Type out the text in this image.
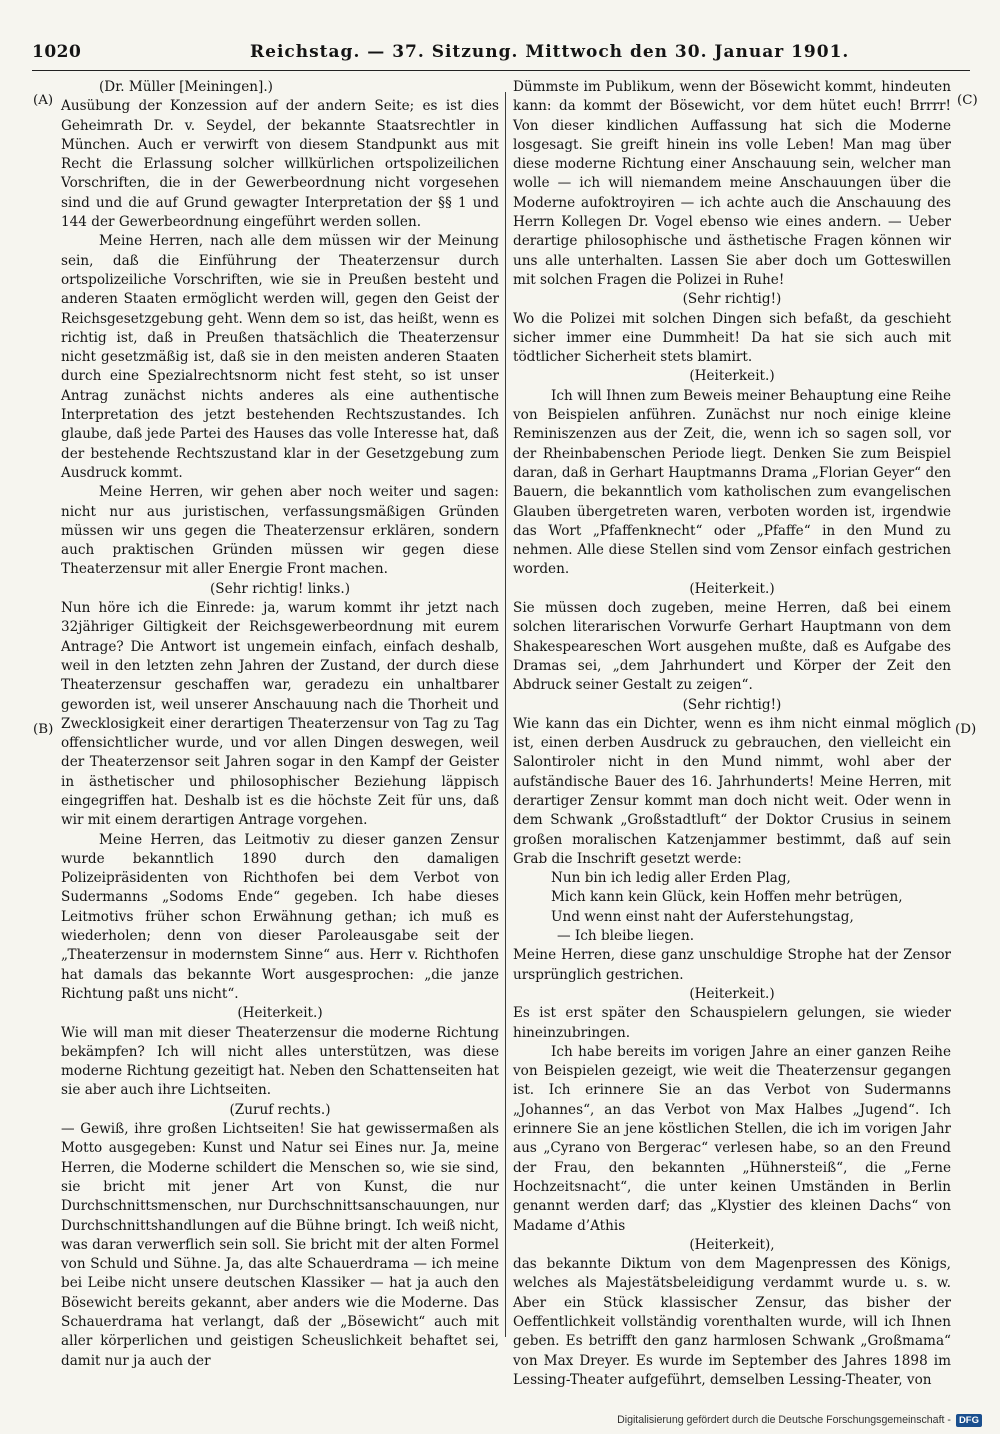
1020	Reichstag. — 37. Sitzung. Mittwoch den 30. Januar 1901.
(A)
(B)
(C)
(D)

(Dr. Müller [Meiningen].)

Ausübung der Konzession auf der andern Seite; es ist dies Geheimrath Dr. v. Seydel, der bekannte Staatsrechtler in München. Auch er verwirft von diesem Standpunkt aus mit Recht die Erlassung solcher willkürlichen ortspolizeilichen Vorschriften, die in der Gewerbeordnung nicht vorgesehen sind und die auf Grund gewagter Interpretation der §§ 1 und 144 der Gewerbeordnung eingeführt werden sollen.

Meine Herren, nach alle dem müssen wir der Meinung sein, daß die Einführung der Theaterzensur durch ortspolizeiliche Vorschriften, wie sie in Preußen besteht und anderen Staaten ermöglicht werden will, gegen den Geist der Reichsgesetzgebung geht. Wenn dem so ist, das heißt, wenn es richtig ist, daß in Preußen thatsächlich die Theaterzensur nicht gesetzmäßig ist, daß sie in den meisten anderen Staaten durch eine Spezialrechtsnorm nicht fest steht, so ist unser Antrag zunächst nichts anderes als eine authentische Interpretation des jetzt bestehenden Rechtszustandes. Ich glaube, daß jede Partei des Hauses das volle Interesse hat, daß der bestehende Rechtszustand klar in der Gesetzgebung zum Ausdruck kommt.

Meine Herren, wir gehen aber noch weiter und sagen: nicht nur aus juristischen, verfassungsmäßigen Gründen müssen wir uns gegen die Theaterzensur erklären, sondern auch praktischen Gründen müssen wir gegen diese Theaterzensur mit aller Energie Front machen.

(Sehr richtig! links.)

Nun höre ich die Einrede: ja, warum kommt ihr jetzt nach 32jähriger Giltigkeit der Reichsgewerbeordnung mit eurem Antrage? Die Antwort ist ungemein einfach, einfach deshalb, weil in den letzten zehn Jahren der Zustand, der durch diese Theaterzensur geschaffen war, geradezu ein unhaltbarer geworden ist, weil unserer Anschauung nach die Thorheit und Zwecklosigkeit einer derartigen Theaterzensur von Tag zu Tag offensichtlicher wurde, und vor allen Dingen deswegen, weil der Theaterzensor seit Jahren sogar in den Kampf der Geister in ästhetischer und philosophischer Beziehung läppisch eingegriffen hat. Deshalb ist es die höchste Zeit für uns, daß wir mit einem derartigen Antrage vorgehen.

Meine Herren, das Leitmotiv zu dieser ganzen Zensur wurde bekanntlich 1890 durch den damaligen Polizeipräsidenten von Richthofen bei dem Verbot von Sudermanns „Sodoms Ende“ gegeben. Ich habe dieses Leitmotivs früher schon Erwähnung gethan; ich muß es wiederholen; denn von dieser Paroleausgabe seit der „Theaterzensur in modernstem Sinne“ aus. Herr v. Richthofen hat damals das bekannte Wort ausgesprochen: „die janze Richtung paßt uns nicht“.

(Heiterkeit.)

Wie will man mit dieser Theaterzensur die moderne Richtung bekämpfen? Ich will nicht alles unterstützen, was diese moderne Richtung gezeitigt hat. Neben den Schattenseiten hat sie aber auch ihre Lichtseiten.

(Zuruf rechts.)

— Gewiß, ihre großen Lichtseiten! Sie hat gewissermaßen als Motto ausgegeben: Kunst und Natur sei Eines nur. Ja, meine Herren, die Moderne schildert die Menschen so, wie sie sind, sie bricht mit jener Art von Kunst, die nur Durchschnittsmenschen, nur Durchschnittsanschauungen, nur Durchschnittshandlungen auf die Bühne bringt. Ich weiß nicht, was daran verwerflich sein soll. Sie bricht mit der alten Formel von Schuld und Sühne. Ja, das alte Schauerdrama — ich meine bei Leibe nicht unsere deutschen Klassiker — hat ja auch den Bösewicht bereits gekannt, aber anders wie die Moderne. Das Schauerdrama hat verlangt, daß der „Bösewicht“ auch mit aller körperlichen und geistigen Scheuslichkeit behaftet sei, damit nur ja auch der

Dümmste im Publikum, wenn der Bösewicht kommt, hindeuten kann: da kommt der Bösewicht, vor dem hütet euch! Brrrr! Von dieser kindlichen Auffassung hat sich die Moderne losgesagt. Sie greift hinein ins volle Leben! Man mag über diese moderne Richtung einer Anschauung sein, welcher man wolle — ich will niemandem meine Anschauungen über die Moderne aufoktroyiren — ich achte auch die Anschauung des Herrn Kollegen Dr. Vogel ebenso wie eines andern. — Ueber derartige philosophische und ästhetische Fragen können wir uns alle unterhalten. Lassen Sie aber doch um Gotteswillen mit solchen Fragen die Polizei in Ruhe!

(Sehr richtig!)

Wo die Polizei mit solchen Dingen sich befaßt, da geschieht sicher immer eine Dummheit! Da hat sie sich auch mit tödtlicher Sicherheit stets blamirt.

(Heiterkeit.)

Ich will Ihnen zum Beweis meiner Behauptung eine Reihe von Beispielen anführen. Zunächst nur noch einige kleine Reminiszenzen aus der Zeit, die, wenn ich so sagen soll, vor der Rheinbabenschen Periode liegt. Denken Sie zum Beispiel daran, daß in Gerhart Hauptmanns Drama „Florian Geyer“ den Bauern, die bekanntlich vom katholischen zum evangelischen Glauben übergetreten waren, verboten worden ist, irgendwie das Wort „Pfaffenknecht“ oder „Pfaffe“ in den Mund zu nehmen. Alle diese Stellen sind vom Zensor einfach gestrichen worden.

(Heiterkeit.)

Sie müssen doch zugeben, meine Herren, daß bei einem solchen literarischen Vorwurfe Gerhart Hauptmann von dem Shakespeareschen Wort ausgehen mußte, daß es Aufgabe des Dramas sei, „dem Jahrhundert und Körper der Zeit den Abdruck seiner Gestalt zu zeigen“.

(Sehr richtig!)

Wie kann das ein Dichter, wenn es ihm nicht einmal möglich ist, einen derben Ausdruck zu gebrauchen, den vielleicht ein Salontiroler nicht in den Mund nimmt, wohl aber der aufständische Bauer des 16. Jahrhunderts! Meine Herren, mit derartiger Zensur kommt man doch nicht weit. Oder wenn in dem Schwank „Großstadtluft“ der Doktor Crusius in seinem großen moralischen Katzenjammer bestimmt, daß auf sein Grab die Inschrift gesetzt werde:

Nun bin ich ledig aller Erden Plag,

Mich kann kein Glück, kein Hoffen mehr betrügen,

Und wenn einst naht der Auferstehungstag,

— Ich bleibe liegen.

Meine Herren, diese ganz unschuldige Strophe hat der Zensor ursprünglich gestrichen.

(Heiterkeit.)

Es ist erst später den Schauspielern gelungen, sie wieder hineinzubringen.

Ich habe bereits im vorigen Jahre an einer ganzen Reihe von Beispielen gezeigt, wie weit die Theaterzensur gegangen ist. Ich erinnere Sie an das Verbot von Sudermanns „Johannes“, an das Verbot von Max Halbes „Jugend“. Ich erinnere Sie an jene köstlichen Stellen, die ich im vorigen Jahr aus „Cyrano von Bergerac“ verlesen habe, so an den Freund der Frau, den bekannten „Hühnersteiß“, die „Ferne Hochzeitsnacht“, die unter keinen Umständen in Berlin genannt werden darf; das „Klystier des kleinen Dachs“ von Madame d’Athis

(Heiterkeit),

das bekannte Diktum von dem Magenpressen des Königs, welches als Majestätsbeleidigung verdammt wurde u. s. w. Aber ein Stück klassischer Zensur, das bisher der Oeffentlichkeit vollständig vorenthalten wurde, will ich Ihnen geben. Es betrifft den ganz harmlosen Schwank „Großmama“ von Max Dreyer. Es wurde im September des Jahres 1898 im Lessing-Theater aufgeführt, demselben Lessing-Theater, von

Digitalisierung gefördert durch die Deutsche Forschungsgemeinschaft - DFG
